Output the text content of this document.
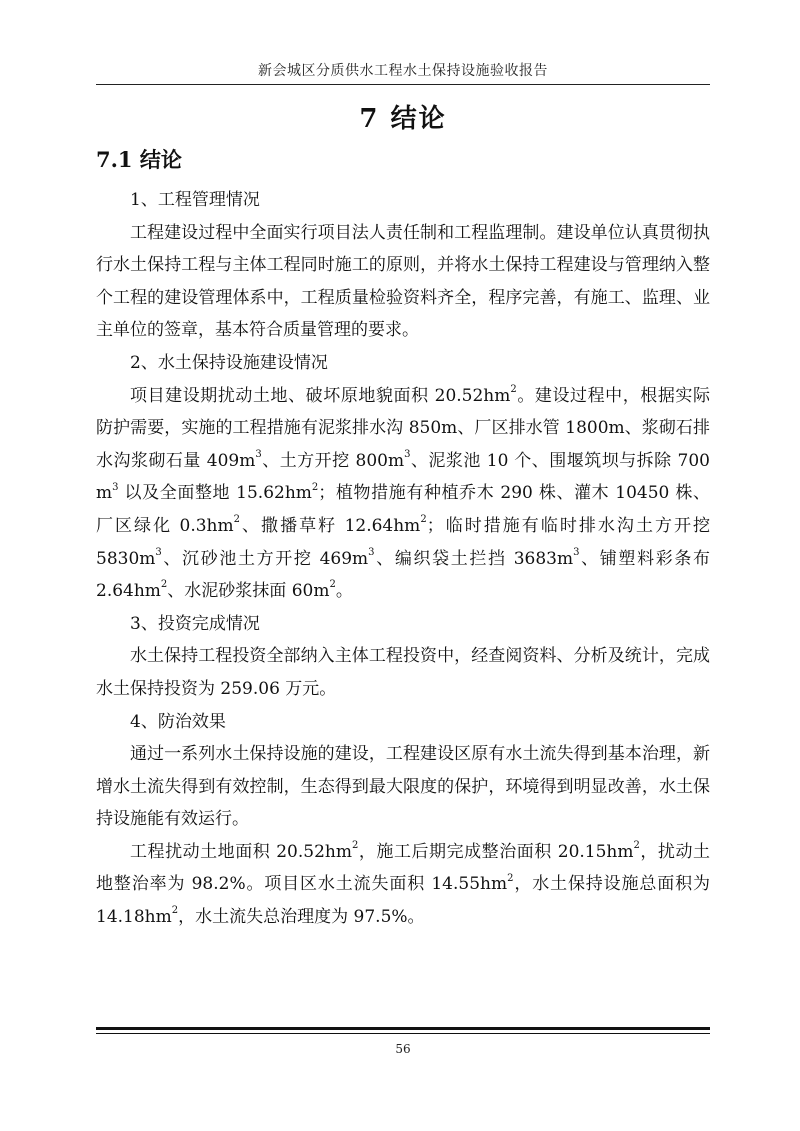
新会城区分质供水工程水土保持设施验收报告
7 结论
7.1 结论

1、工程管理情况

工程建设过程中全面实行项目法人责任制和工程监理制。建设单位认真贯彻执行水土保持工程与主体工程同时施工的原则，并将水土保持工程建设与管理纳入整个工程的建设管理体系中，工程质量检验资料齐全，程序完善，有施工、监理、业主单位的签章，基本符合质量管理的要求。

2、水土保持设施建设情况

项目建设期扰动土地、破坏原地貌面积 $20.52hm^2$。建设过程中，根据实际防护需要，实施的工程措施有泥浆排水沟 850m、厂区排水管 1800m、浆砌石排水沟浆砌石量 $409m^3$、土方开挖 $800m^3$、泥浆池 10 个、围堰筑坝与拆除 700 $m^3$ 以及全面整地 $15.62hm^2$；植物措施有种植乔木 290 株、灌木 10450 株、厂区绿化 $0.3hm^2$、撒播草籽 $12.64hm^2$；临时措施有临时排水沟土方开挖 $5830m^3$、沉砂池土方开挖 $469m^3$、编织袋土拦挡 $3683m^3$、铺塑料彩条布 $2.64hm^2$、水泥砂浆抹面 $60m^2$。

3、投资完成情况

水土保持工程投资全部纳入主体工程投资中，经查阅资料、分析及统计，完成水土保持投资为 259.06 万元。

4、防治效果

通过一系列水土保持设施的建设，工程建设区原有水土流失得到基本治理，新增水土流失得到有效控制，生态得到最大限度的保护，环境得到明显改善，水土保持设施能有效运行。

工程扰动土地面积 $20.52hm^2$，施工后期完成整治面积 $20.15hm^2$，扰动土地整治率为 98.2%。项目区水土流失面积 $14.55hm^2$，水土保持设施总面积为 $14.18hm^2$，水土流失总治理度为 97.5%。

56
